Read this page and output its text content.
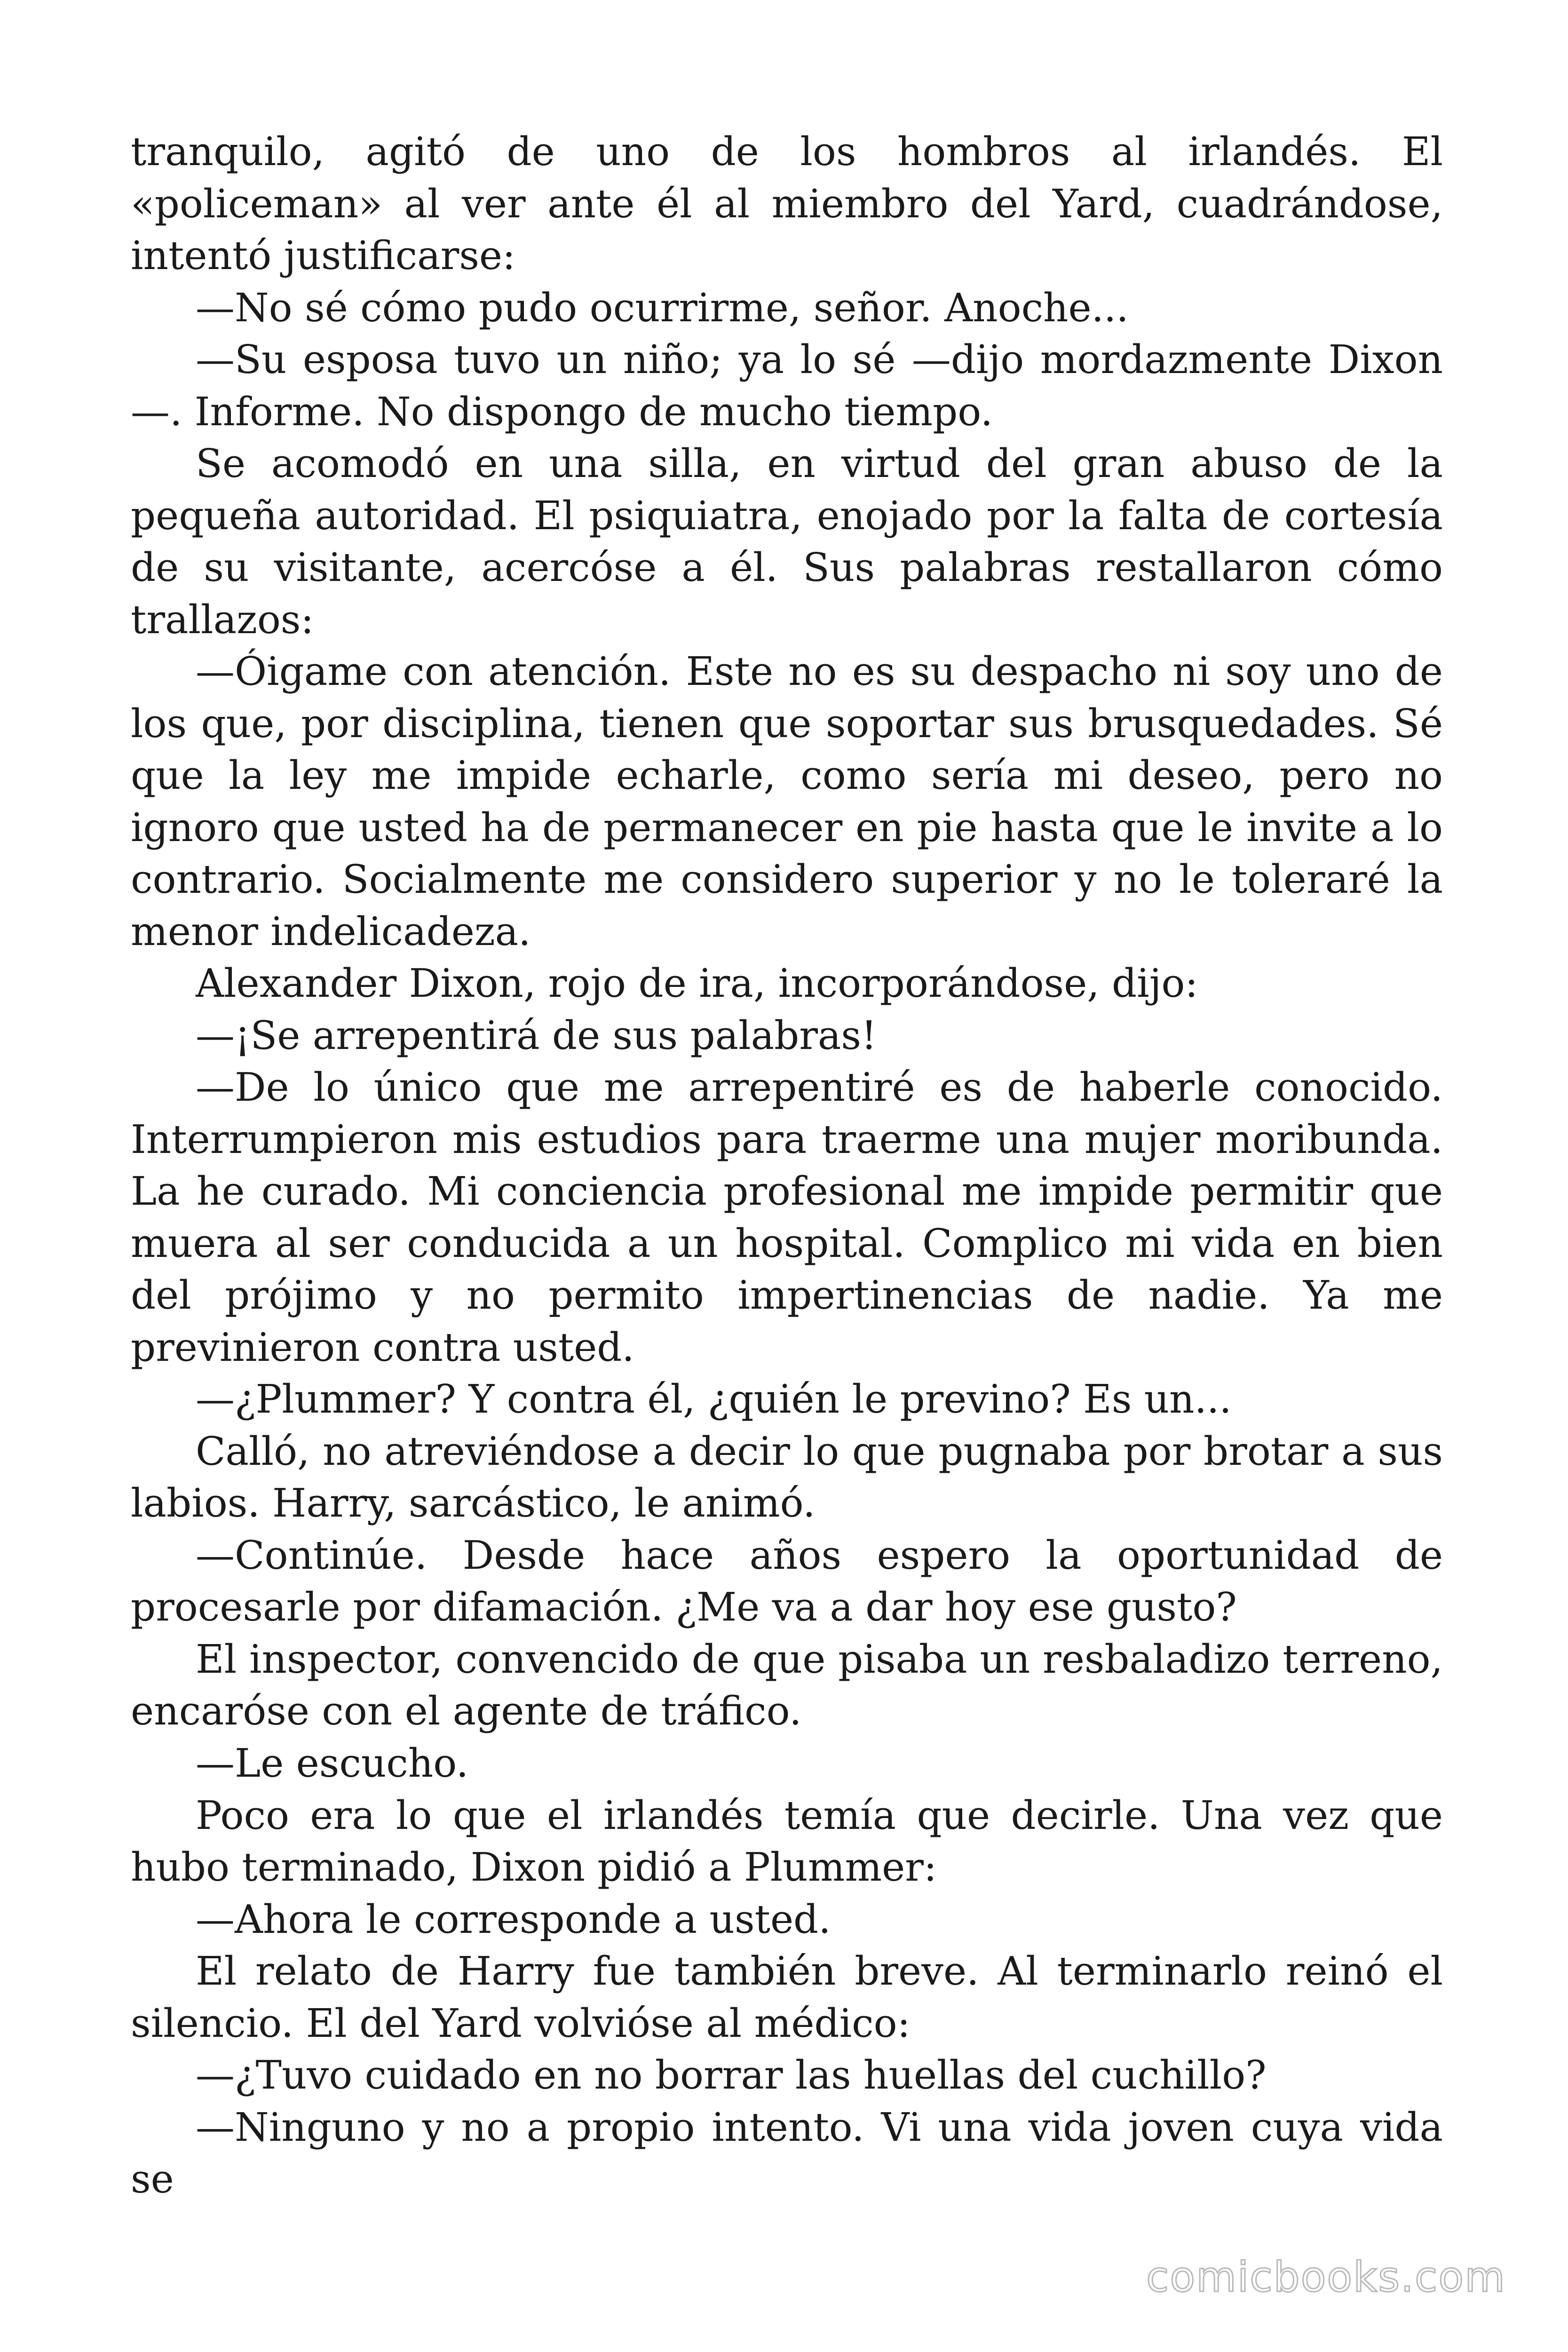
tranquilo, agitó de uno de los hombros al irlandés. El «policeman» al ver ante él al miembro del Yard, cuadrándose, intentó justificarse:

—No sé cómo pudo ocurrirme, señor. Anoche...

—Su esposa tuvo un niño; ya lo sé —dijo mordazmente Dixon—. Informe. No dispongo de mucho tiempo.

Se acomodó en una silla, en virtud del gran abuso de la pequeña autoridad. El psiquiatra, enojado por la falta de cortesía de su visitante, acercóse a él. Sus palabras restallaron cómo trallazos:

—Óigame con atención. Este no es su despacho ni soy uno de los que, por disciplina, tienen que soportar sus brusquedades. Sé que la ley me impide echarle, como sería mi deseo, pero no ignoro que usted ha de permanecer en pie hasta que le invite a lo contrario. Socialmente me considero superior y no le toleraré la menor indelicadeza.

Alexander Dixon, rojo de ira, incorporándose, dijo:

—¡Se arrepentirá de sus palabras!

—De lo único que me arrepentiré es de haberle conocido. Interrumpieron mis estudios para traerme una mujer moribunda. La he curado. Mi conciencia profesional me impide permitir que muera al ser conducida a un hospital. Complico mi vida en bien del prójimo y no permito impertinencias de nadie. Ya me previnieron contra usted.

—¿Plummer? Y contra él, ¿quién le previno? Es un...

Calló, no atreviéndose a decir lo que pugnaba por brotar a sus labios. Harry, sarcástico, le animó.

—Continúe. Desde hace años espero la oportunidad de procesarle por difamación. ¿Me va a dar hoy ese gusto?

El inspector, convencido de que pisaba un resbaladizo terreno, encaróse con el agente de tráfico.

—Le escucho.

Poco era lo que el irlandés temía que decirle. Una vez que hubo terminado, Dixon pidió a Plummer:

—Ahora le corresponde a usted.

El relato de Harry fue también breve. Al terminarlo reinó el silencio. El del Yard volvióse al médico:

—¿Tuvo cuidado en no borrar las huellas del cuchillo?

—Ninguno y no a propio intento. Vi una vida joven cuya vida se

comicbooks.com
